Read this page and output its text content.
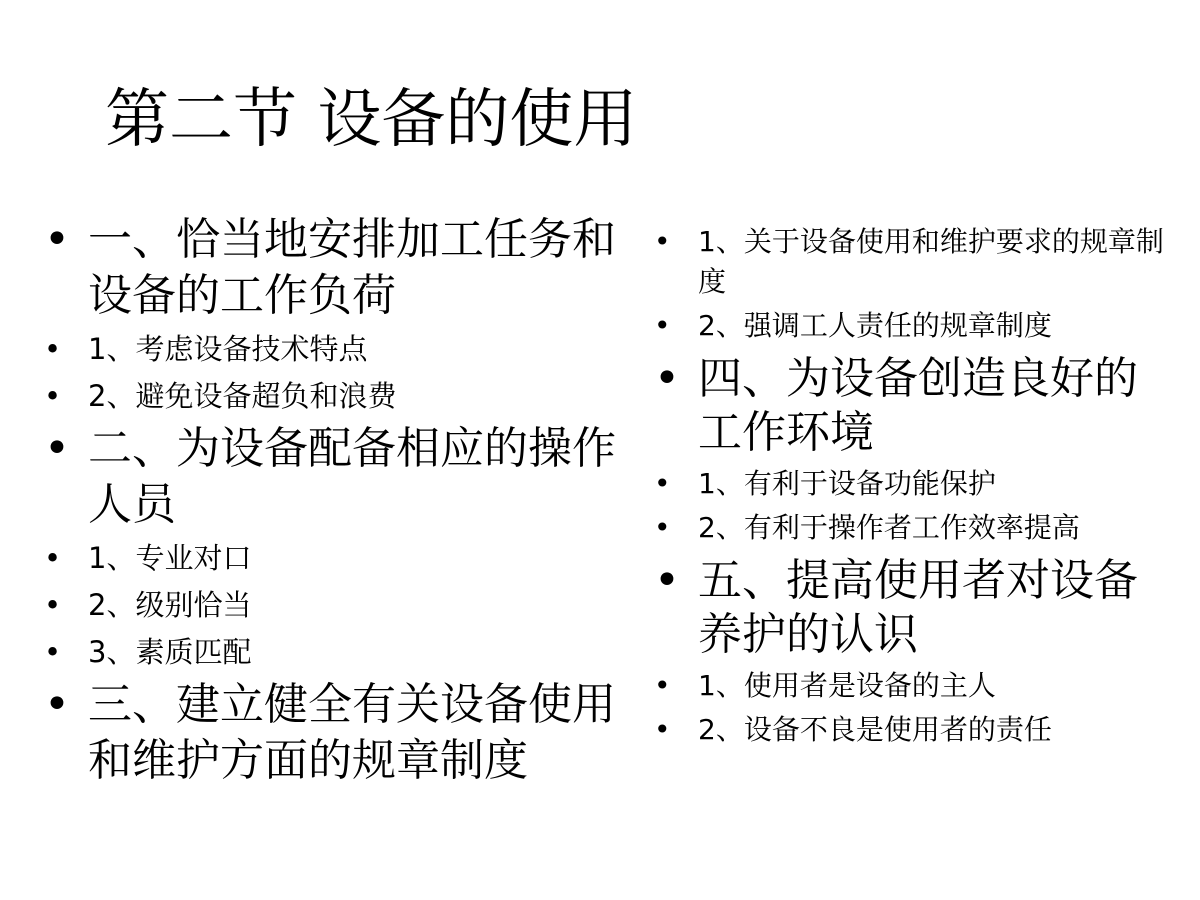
第二节 设备的使用
• 一、恰当地安排加工任务和设备的工作负荷
• 1、考虑设备技术特点
• 2、避免设备超负和浪费
• 二、为设备配备相应的操作人员
• 1、专业对口
• 2、级别恰当
• 3、素质匹配
• 三、建立健全有关设备使用和维护方面的规章制度
• 1、关于设备使用和维护要求的规章制度
• 2、强调工人责任的规章制度
• 四、为设备创造良好的工作环境
• 1、有利于设备功能保护
• 2、有利于操作者工作效率提高
• 五、提高使用者对设备养护的认识
• 1、使用者是设备的主人
• 2、设备不良是使用者的责任
